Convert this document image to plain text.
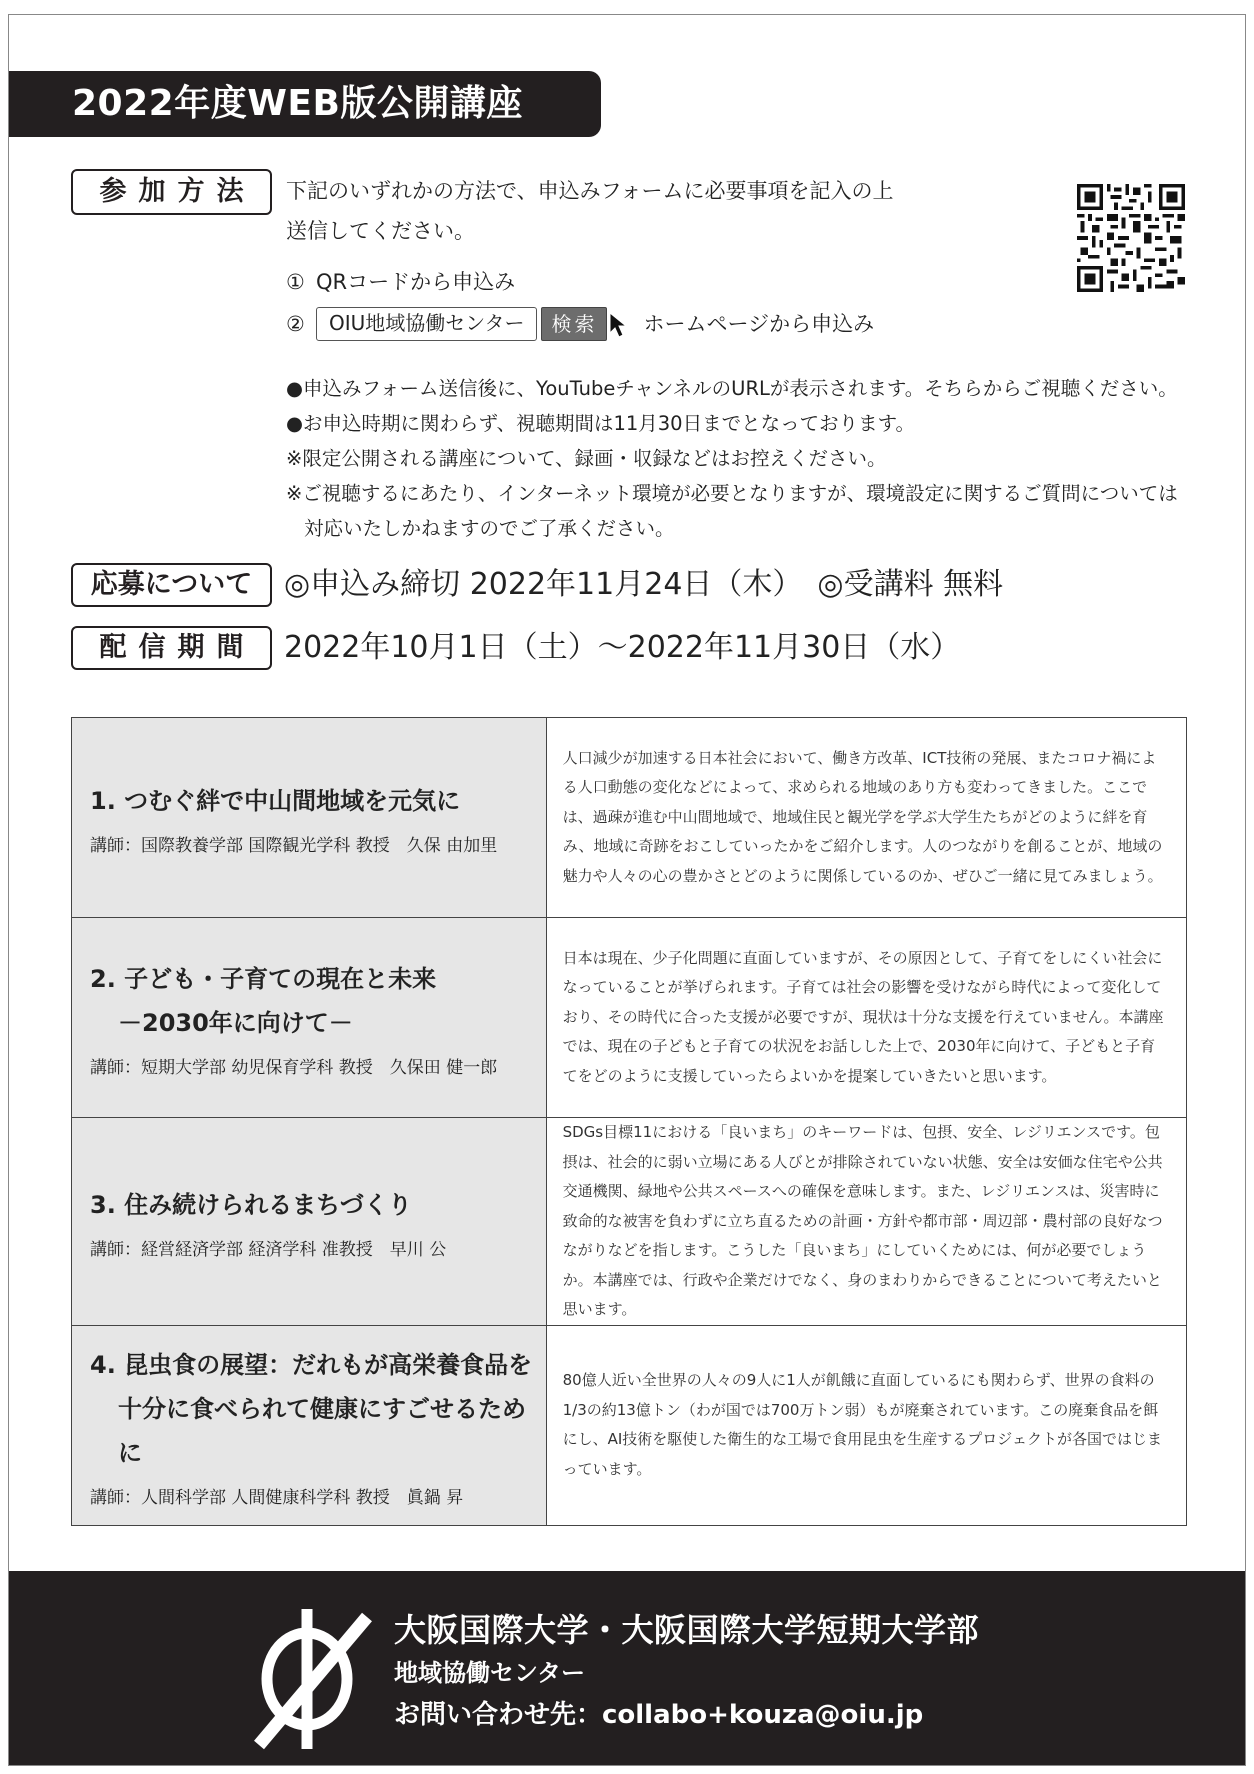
2022年度WEB版公開講座
参加方法	下記のいずれかの方法で、申込みフォームに必要事項を記入の上
送信してください。
① QRコードから申込み
②	OIU地域協働センター	検索	ホームページから申込み
●申込みフォーム送信後に、YouTubeチャンネルのURLが表示されます。そちらからご視聴ください。
●お申込時期に関わらず、視聴期間は11月30日までとなっております。
※限定公開される講座について、録画・収録などはお控えください。
※ご視聴するにあたり、インターネット環境が必要となりますが、環境設定に関するご質問については
対応いたしかねますのでご了承ください。
応募について	◎申込み締切 2022年11月24日（木）　◎受講料 無料
配信期間 2022年10月1日（土）～2022年11月30日（水）
1. つむぐ絆で中山間地域を元気に
講師：国際教養学部 国際観光学科 教授　久保 由加里	人口減少が加速する日本社会において、働き方改革、ICT技術の発展、またコロナ禍による人口動態の変化などによって、求められる地域のあり方も変わってきました。ここでは、過疎が進む中山間地域で、地域住民と観光学を学ぶ大学生たちがどのように絆を育み、地域に奇跡をおこしていったかをご紹介します。人のつながりを創ることが、地域の魅力や人々の心の豊かさとどのように関係しているのか、ぜひご一緒に見てみましょう。

2. 子ども・子育ての現在と未来
－2030年に向けて－
講師：短期大学部 幼児保育学科 教授　久保田 健一郎	日本は現在、少子化問題に直面していますが、その原因として、子育てをしにくい社会になっていることが挙げられます。子育ては社会の影響を受けながら時代によって変化しており、その時代に合った支援が必要ですが、現状は十分な支援を行えていません。本講座では、現在の子どもと子育ての状況をお話しした上で、2030年に向けて、子どもと子育てをどのように支援していったらよいかを提案していきたいと思います。

3. 住み続けられるまちづくり
講師：経営経済学部 経済学科 准教授　早川 公	SDGs目標11における「良いまち」のキーワードは、包摂、安全、レジリエンスです。包摂は、社会的に弱い立場にある人びとが排除されていない状態、安全は安価な住宅や公共交通機関、緑地や公共スペースへの確保を意味します。また、レジリエンスは、災害時に致命的な被害を負わずに立ち直るための計画・方針や都市部・周辺部・農村部の良好なつながりなどを指します。こうした「良いまち」にしていくためには、何が必要でしょうか。本講座では、行政や企業だけでなく、身のまわりからできることについて考えたいと思います。

4. 昆虫食の展望：だれもが高栄養食品を
十分に食べられて健康にすごせるために
講師：人間科学部 人間健康科学科 教授　眞鍋 昇	80億人近い全世界の人々の9人に1人が飢餓に直面しているにも関わらず、世界の食料の1/3の約13億トン（わが国では700万トン弱）もが廃棄されています。この廃棄食品を餌にし、AI技術を駆使した衛生的な工場で食用昆虫を生産するプロジェクトが各国ではじまっています。
大阪国際大学・大阪国際大学短期大学部
地域協働センター
お問い合わせ先：collabo+kouza@oiu.jp
